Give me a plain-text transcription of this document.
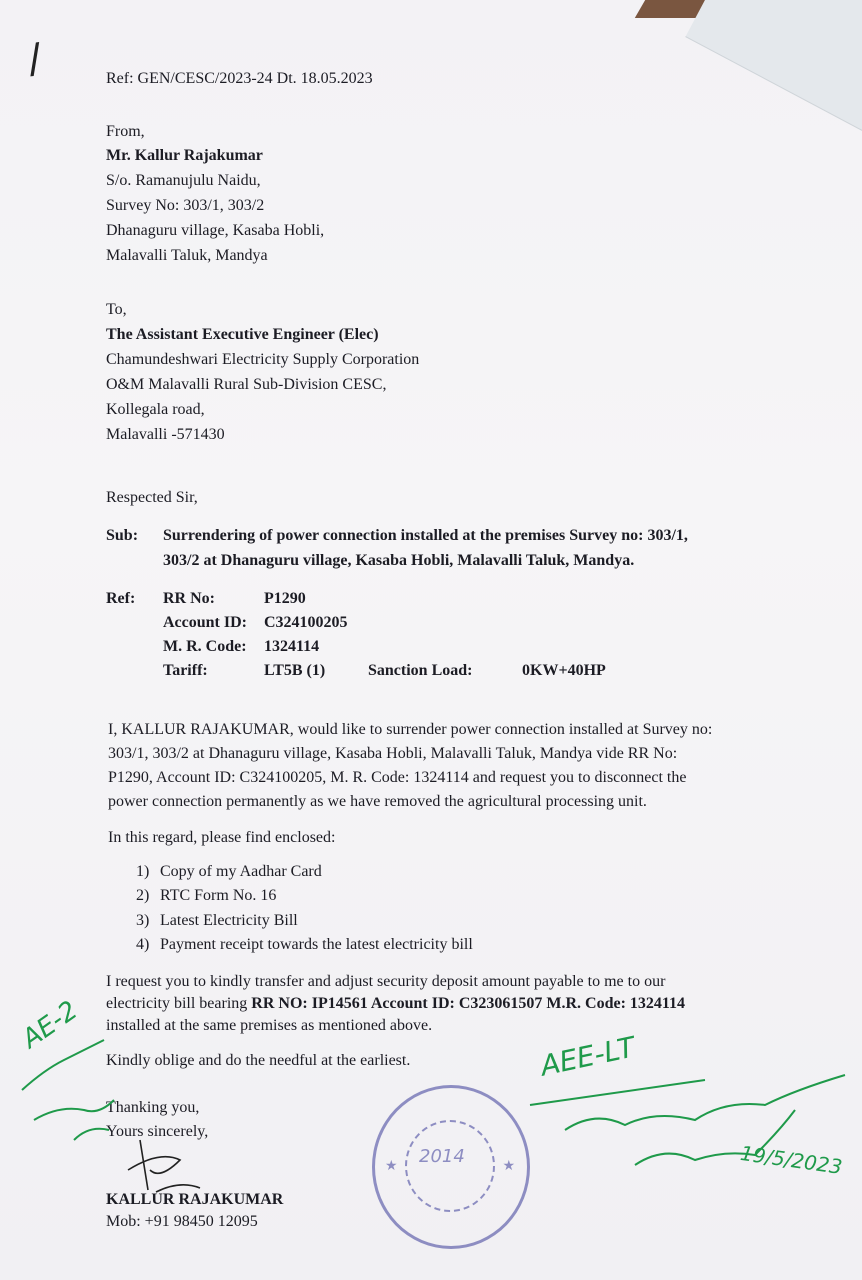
/	Ref: GEN/CESC/2023-24 Dt. 18.05.2023
From,
Mr. Kallur Rajakumar
S/o. Ramanujulu Naidu,
Survey No: 303/1, 303/2
Dhanaguru village, Kasaba Hobli,
Malavalli Taluk, Mandya
To,
The Assistant Executive Engineer (Elec)
Chamundeshwari Electricity Supply Corporation
O&M Malavalli Rural Sub-Division CESC,
Kollegala road,
Malavalli -571430
Respected Sir,
Sub: Surrendering of power connection installed at the premises Survey no: 303/1,
303/2 at Dhanaguru village, Kasaba Hobli, Malavalli Taluk, Mandya.
Ref: RR No:	P1290
Account ID: C324100205
M. R. Code: 1324114
Tariff:	LT5B (1)	Sanction Load:	0KW+40HP
I, KALLUR RAJAKUMAR, would like to surrender power connection installed at Survey no:
303/1, 303/2 at Dhanaguru village, Kasaba Hobli, Malavalli Taluk, Mandya vide RR No:
P1290, Account ID: C324100205, M. R. Code: 1324114 and request you to disconnect the
power connection permanently as we have removed the agricultural processing unit.
In this regard, please find enclosed:
1) Copy of my Aadhar Card
2) RTC Form No. 16
3) Latest Electricity Bill
4) Payment receipt towards the latest electricity bill
I request you to kindly transfer and adjust security deposit amount payable to me to our
electricity bill bearing RR NO: IP14561 Account ID: C323061507 M.R. Code: 1324114
installed at the same premises as mentioned above.
Kindly oblige and do the needful at the earliest.
Thanking you,
Yours sincerely,
KALLUR RAJAKUMAR
Mob: +91 98450 12095
AE-2
AEE-LT
19/5/2023
2014
★	★
